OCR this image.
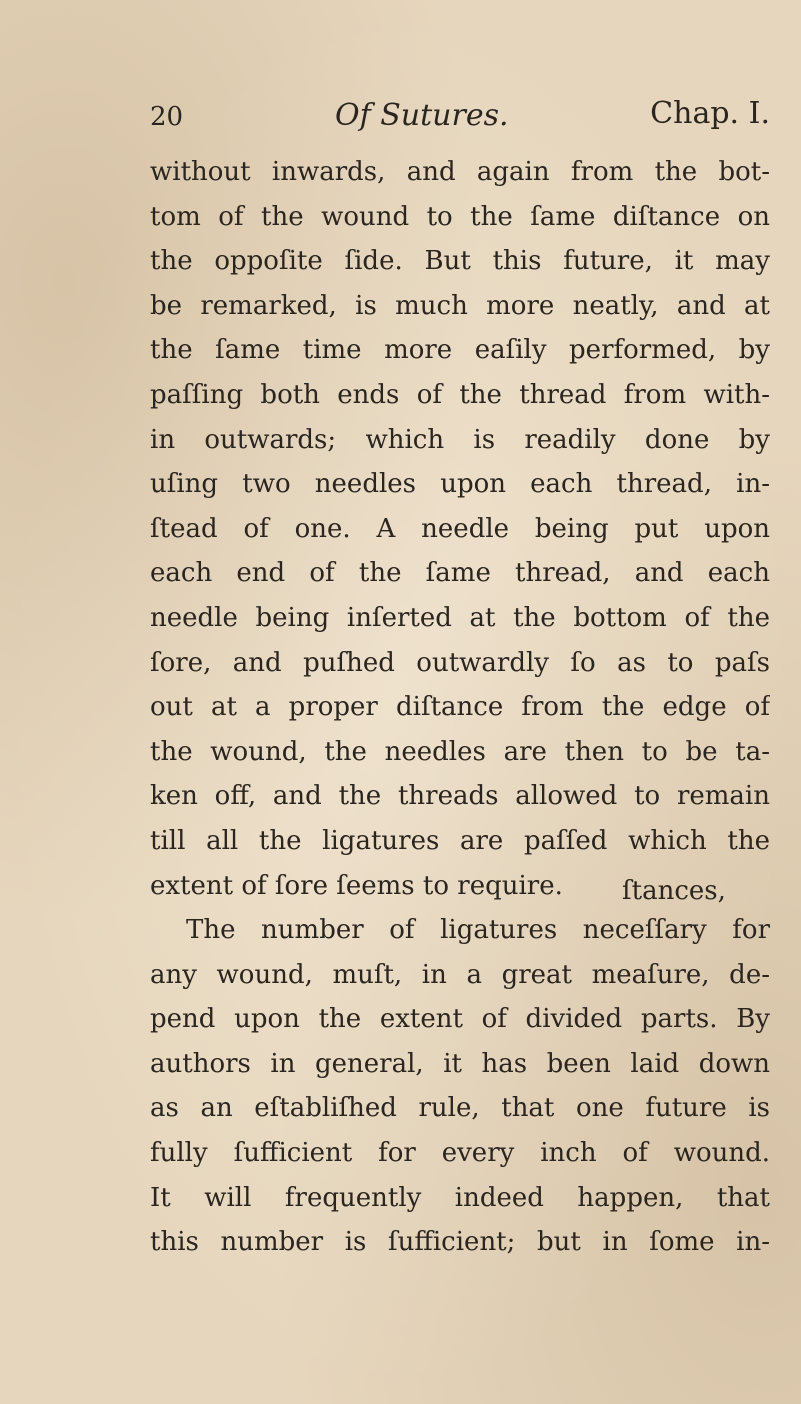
20	Of Sutures.	Chap. I.
without inwards, and again from the bot-
tom of the wound to the ſame diſtance on
the oppoſite ſide. But this future, it may
be remarked, is much more neatly, and at
the ſame time more eaſily performed, by
paſſing both ends of the thread from with-
in outwards; which is readily done by
uſing two needles upon each thread, in-
ſtead of one. A needle being put upon
each end of the ſame thread, and each
needle being inſerted at the bottom of the
ſore, and puſhed outwardly ſo as to paſs
out at a proper diſtance from the edge of
the wound, the needles are then to be ta-
ken off, and the threads allowed to remain
till all the ligatures are paſſed which the
extent of ſore ſeems to require.
The number of ligatures neceſſary for
any wound, muſt, in a great meaſure, de-
pend upon the extent of divided parts. By
authors in general, it has been laid down
as an eſtabliſhed rule, that one future is
fully ſufficient for every inch of wound.
It will frequently indeed happen, that
this number is ſufficient; but in ſome in-
ſtances,
